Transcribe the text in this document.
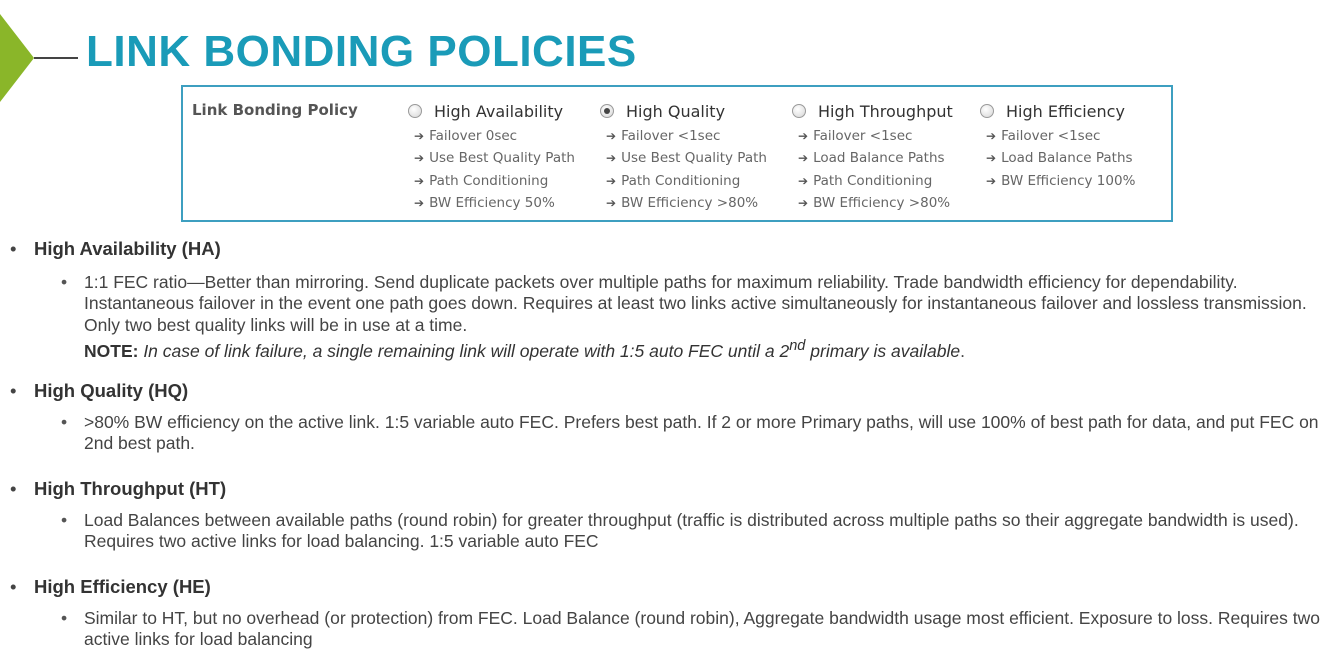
LINK BONDING POLICIES
Link Bonding Policy	High Availability
➔ Failover 0sec
➔ Use Best Quality Path
➔ Path Conditioning
➔ BW Efficiency 50%
High Quality
➔ Failover <1sec
➔ Use Best Quality Path
➔ Path Conditioning
➔ BW Efficiency >80%
High Throughput
➔ Failover <1sec
➔ Load Balance Paths
➔ Path Conditioning
➔ BW Efficiency >80%
High Efficiency
➔ Failover <1sec
➔ Load Balance Paths
➔ BW Efficiency 100%
• High Availability (HA)
• 1:1 FEC ratio—Better than mirroring. Send duplicate packets over multiple paths for maximum reliability. Trade bandwidth efficiency for dependability. Instantaneous failover in the event one path goes down. Requires at least two links active simultaneously for instantaneous failover and lossless transmission. Only two best quality links will be in use at a time.
NOTE: In case of link failure, a single remaining link will operate with 1:5 auto FEC until a 2nd primary is available.
• High Quality (HQ)
• >80% BW efficiency on the active link. 1:5 variable auto FEC. Prefers best path. If 2 or more Primary paths, will use 100% of best path for data, and put FEC on 2nd best path.
• High Throughput (HT)
• Load Balances between available paths (round robin) for greater throughput (traffic is distributed across multiple paths so their aggregate bandwidth is used). Requires two active links for load balancing. 1:5 variable auto FEC
• High Efficiency (HE)
• Similar to HT, but no overhead (or protection) from FEC. Load Balance (round robin), Aggregate bandwidth usage most efficient. Exposure to loss. Requires two active links for load balancing
